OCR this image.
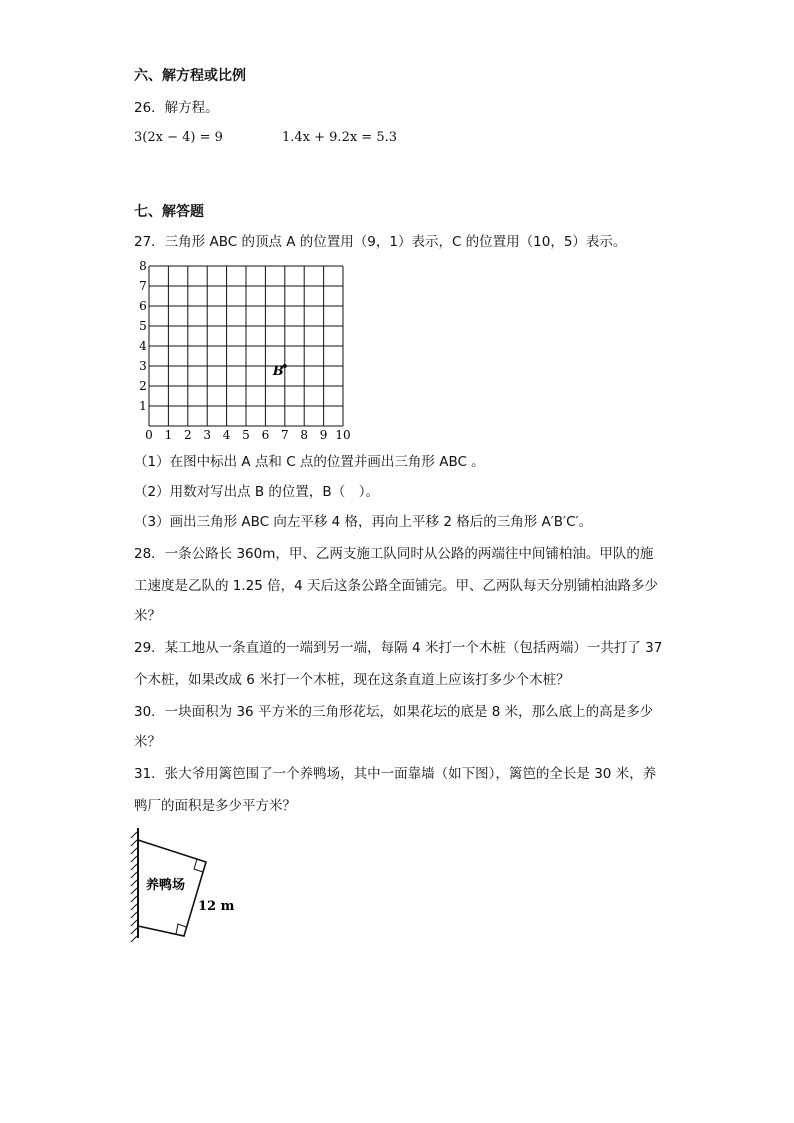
六、解方程或比例
26．解方程。
3(2x − 4) = 9	1.4x + 9.2x = 5.3
七、解答题
27．三角形 ABC 的顶点 A 的位置用（9，1）表示，C 的位置用（10，5）表示。
0 1 2 3 4 5 6 7 8 9 10
1
2
3
4
5
6
7
8
B
（1）在图中标出 A 点和 C 点的位置并画出三角形 ABC 。
（2）用数对写出点 B 的位置，B（　）。
（3）画出三角形 ABC 向左平移 4 格，再向上平移 2 格后的三角形 A′B′C′。
28．一条公路长 360m，甲、乙两支施工队同时从公路的两端往中间铺柏油。甲队的施
工速度是乙队的 1.25 倍，4 天后这条公路全面铺完。甲、乙两队每天分别铺柏油路多少
米？
29．某工地从一条直道的一端到另一端，每隔 4 米打一个木桩（包括两端）一共打了 37
个木桩，如果改成 6 米打一个木桩，现在这条直道上应该打多少个木桩？
30．一块面积为 36 平方米的三角形花坛，如果花坛的底是 8 米，那么底上的高是多少
米？
31．张大爷用篱笆围了一个养鸭场，其中一面靠墙（如下图），篱笆的全长是 30 米，养
鸭厂的面积是多少平方米？
养鸭场
12 m
